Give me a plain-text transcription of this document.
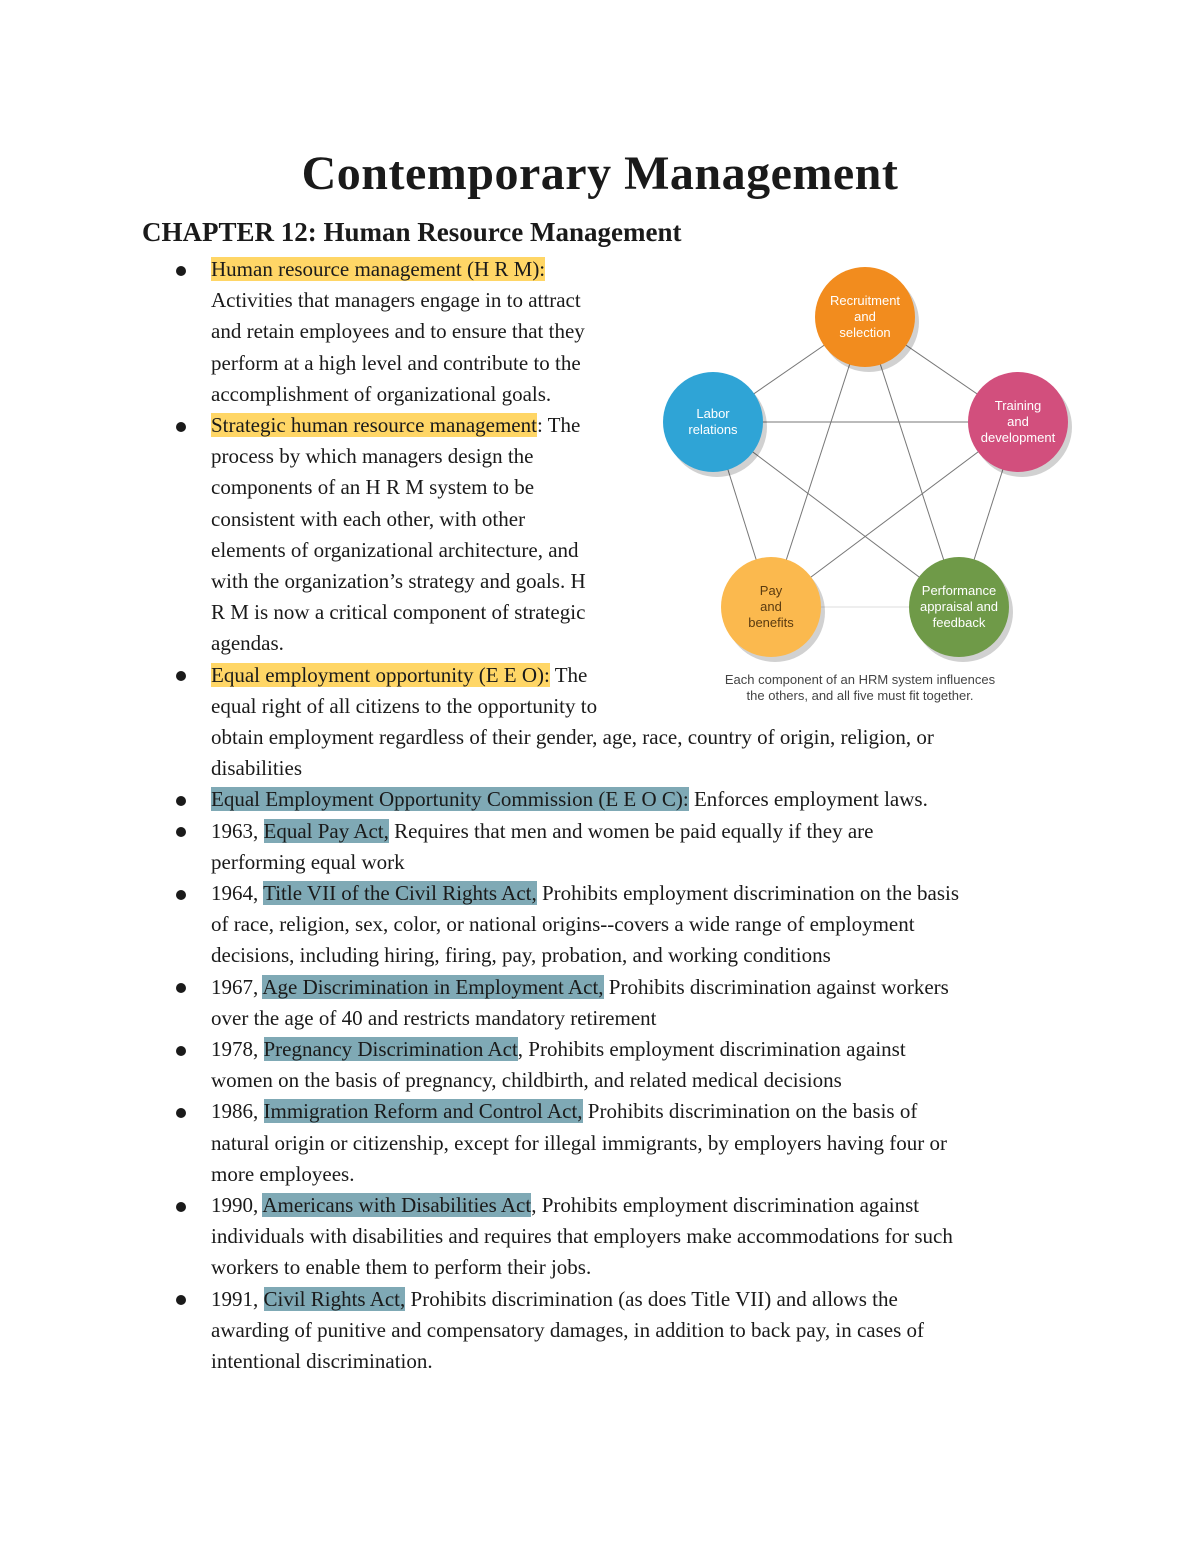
Contemporary Management
CHAPTER 12: Human Resource Management
Human resource management (H R M):
Activities that managers engage in to attract
and retain employees and to ensure that they
perform at a high level and contribute to the
accomplishment of organizational goals.
Strategic human resource management: The
process by which managers design the
components of an H R M system to be
consistent with each other, with other
elements of organizational architecture, and
with the organization’s strategy and goals. H
R M is now a critical component of strategic
agendas.
Equal employment opportunity (E E O): The
equal right of all citizens to the opportunity to
obtain employment regardless of their gender, age, race, country of origin, religion, or
disabilities
Equal Employment Opportunity Commission (E E O C): Enforces employment laws.
1963, Equal Pay Act, Requires that men and women be paid equally if they are
performing equal work
1964, Title VII of the Civil Rights Act, Prohibits employment discrimination on the basis
of race, religion, sex, color, or national origins--covers a wide range of employment
decisions, including hiring, firing, pay, probation, and working conditions
1967, Age Discrimination in Employment Act, Prohibits discrimination against workers
over the age of 40 and restricts mandatory retirement
1978, Pregnancy Discrimination Act, Prohibits employment discrimination against
women on the basis of pregnancy, childbirth, and related medical decisions
1986, Immigration Reform and Control Act, Prohibits discrimination on the basis of
natural origin or citizenship, except for illegal immigrants, by employers having four or
more employees.
1990, Americans with Disabilities Act, Prohibits employment discrimination against
individuals with disabilities and requires that employers make accommodations for such
workers to enable them to perform their jobs.
1991, Civil Rights Act, Prohibits discrimination (as does Title VII) and allows the
awarding of punitive and compensatory damages, in addition to back pay, in cases of
intentional discrimination.
Recruitment
and
selection
Training
and
development
Performance
appraisal and
feedback
Pay
and
benefits
Labor
relations
Each component of an HRM system influences
the others, and all five must fit together.
